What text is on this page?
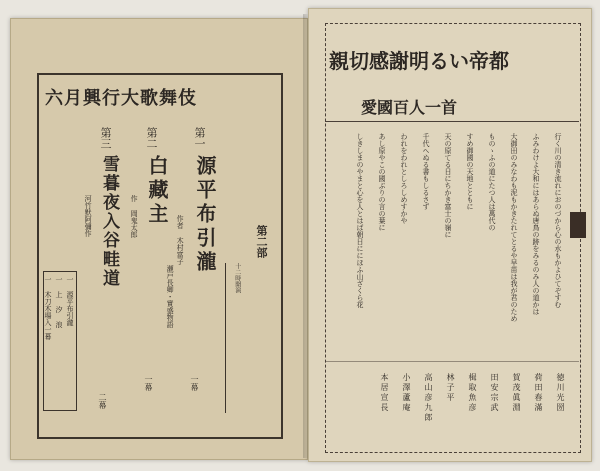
六月興行大歌舞伎
第二部
十二時開演
第一
源平布引瀧
作者 木村富子
瀬戸長卿・實盛物語
一幕
第二
白藏主
作 岡鬼太郎
一幕
第三
雪暮夜入谷畦道
河竹默阿彌作
二幕
一 源平布引瀧
一 上 汐 浪
一 木刀木場入一幕
親切感謝明るい帝都
愛國百人一首
行く川の清き流れにおのづから心の水もかよひてぞすむ
ふみわけよ大和にはあらぬ唐鳥の跡をみるのみ人の道かは
大御田のみなわも泥もかきたれてとるや早苗は我が君のため
ものゝふの道にたつ人は萬代の
すめ御國の天地とともに
天の原てる日にちかき富士の嶺に
千代へぬる書もしるさず
われをわれとしろしめすかや
あし原やこの國ぶりの言の葉に
しきしまのやまと心を人とはば朝日ににほふ山ざくら花
徳川光圀
荷田春滿
賀茂眞淵
田安宗武
楫取魚彦
林子平
高山彦九郎
小澤蘆庵
本居宣長
